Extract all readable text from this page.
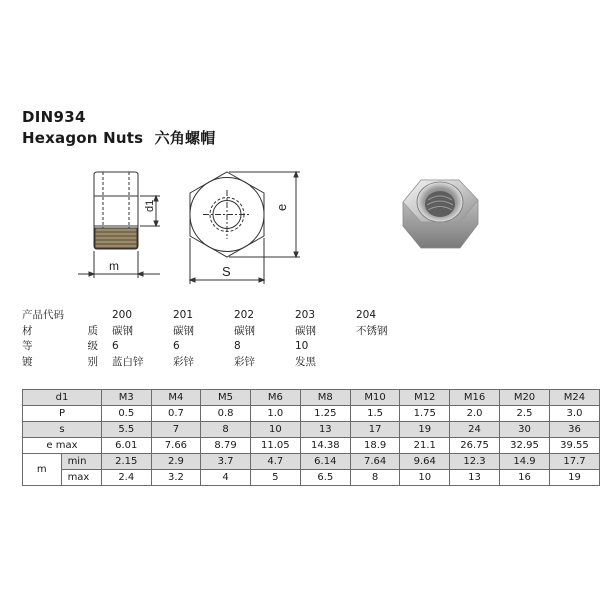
DIN934
Hexagon Nuts 六角螺帽
d1
m
e
S
产品代码	200	201	202	203	204
材	质 碳钢	碳钢	碳钢	碳钢	不锈钢
等	级 6	6	8	10
镀	别 蓝白锌	彩锌	彩锌	发黑
d1		M3	M4	M5	M6	M8	M10	M12	M16	M20	M24
P		0.5	0.7	0.8	1.0	1.25	1.5	1.75	2.0	2.5	3.0
s		5.5	7	8	10	13	17	19	24	30	36
e max		6.01	7.66	8.79	11.05	14.38	18.9	21.1	26.75	32.95	39.55
m	min	2.15	2.9	3.7	4.7	6.14	7.64	9.64	12.3	14.9	17.7
	max	2.4	3.2	4	5	6.5	8	10	13	16	19
